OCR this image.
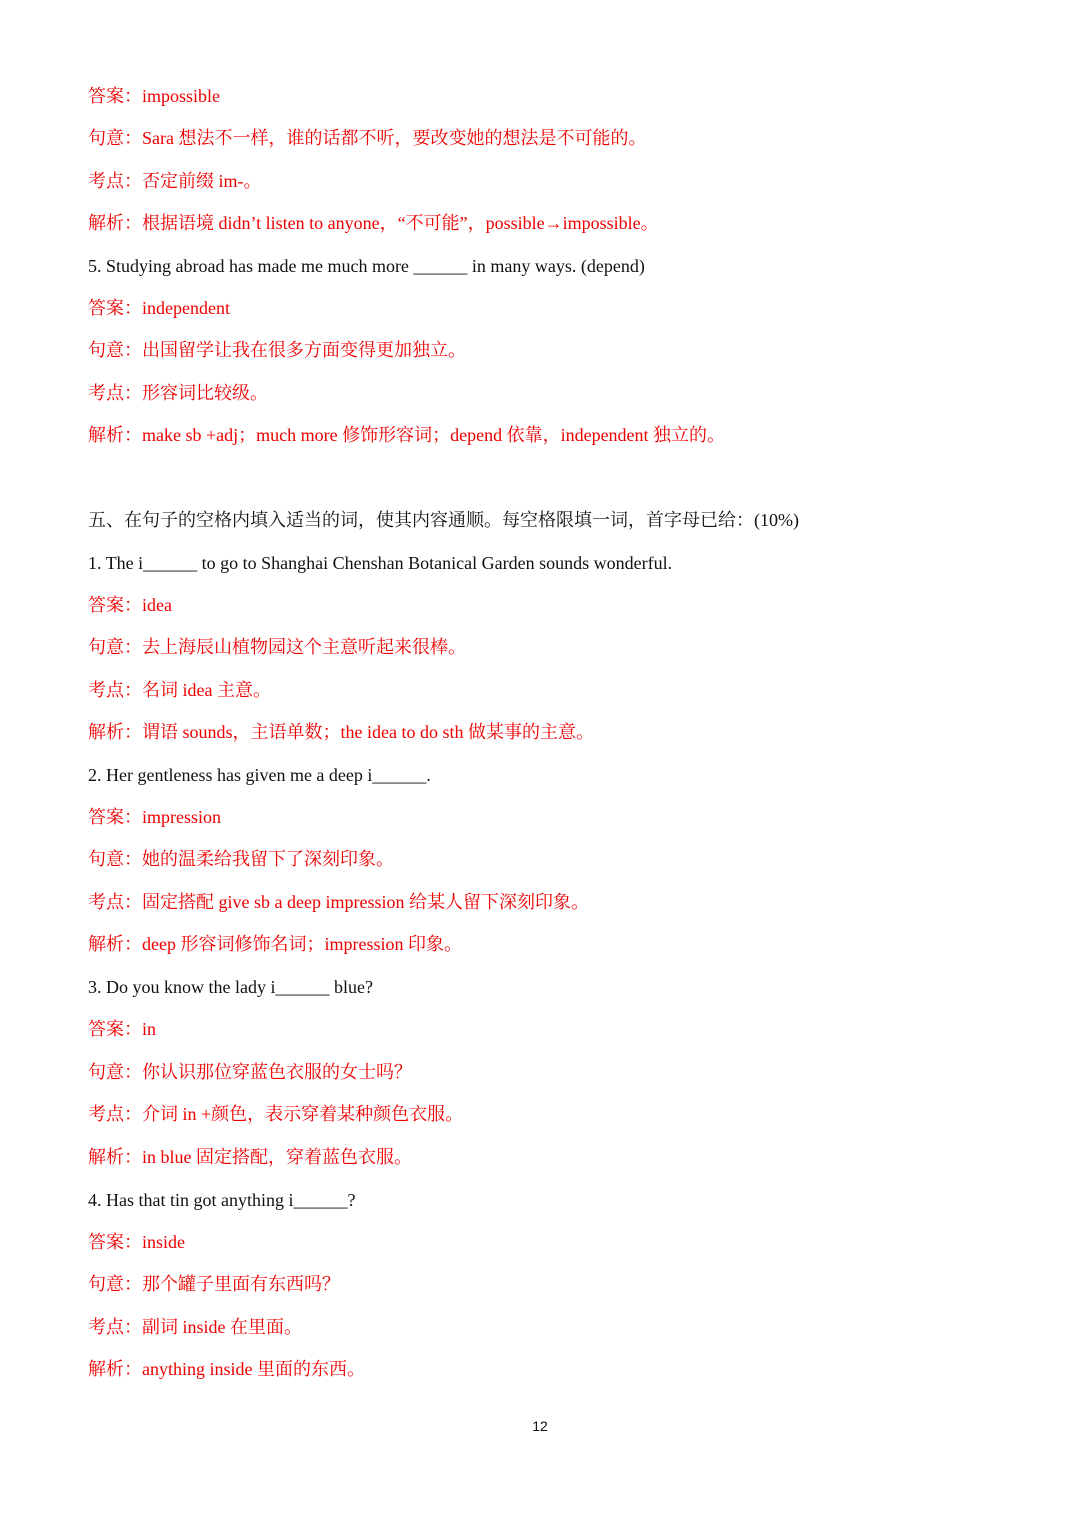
答案：impossible
句意：Sara 想法不一样，谁的话都不听，要改变她的想法是不可能的。
考点：否定前缀 im-。
解析：根据语境 didn’t listen to anyone，“不可能”，possible→impossible。
5. Studying abroad has made me much more ______ in many ways. (depend)
答案：independent
句意：出国留学让我在很多方面变得更加独立。
考点：形容词比较级。
解析：make sb +adj；much more 修饰形容词；depend 依靠，independent 独立的。
五、在句子的空格内填入适当的词，使其内容通顺。每空格限填一词，首字母已给：(10%)
1. The i______ to go to Shanghai Chenshan Botanical Garden sounds wonderful.
答案：idea
句意：去上海辰山植物园这个主意听起来很棒。
考点：名词 idea 主意。
解析：谓语 sounds，主语单数；the idea to do sth 做某事的主意。
2. Her gentleness has given me a deep i______.
答案：impression
句意：她的温柔给我留下了深刻印象。
考点：固定搭配 give sb a deep impression 给某人留下深刻印象。
解析：deep 形容词修饰名词；impression 印象。
3. Do you know the lady i______ blue?
答案：in
句意：你认识那位穿蓝色衣服的女士吗？
考点：介词 in +颜色，表示穿着某种颜色衣服。
解析：in blue 固定搭配，穿着蓝色衣服。
4. Has that tin got anything i______?
答案：inside
句意：那个罐子里面有东西吗？
考点：副词 inside 在里面。
解析：anything inside 里面的东西。
12
